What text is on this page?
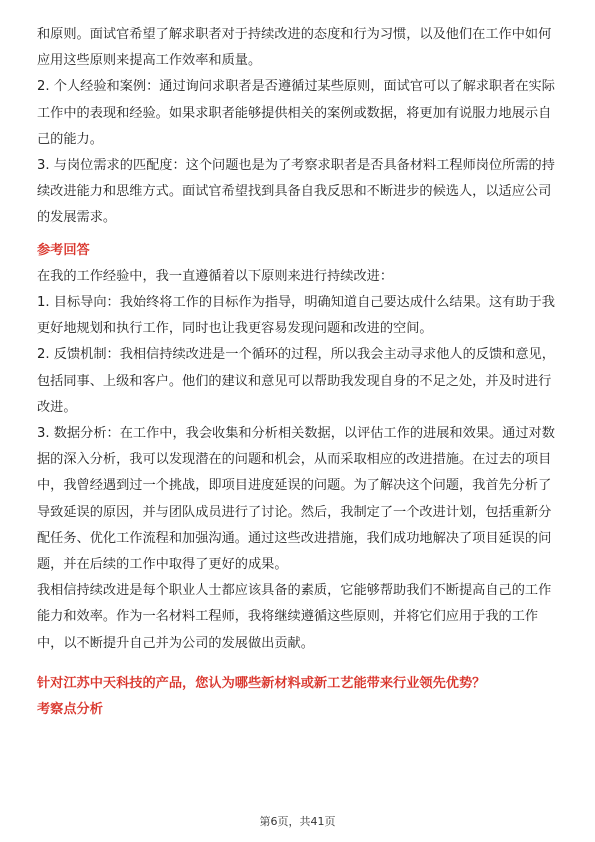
和原则。面试官希望了解求职者对于持续改进的态度和行为习惯，以及他们在工作中如何应用这些原则来提高工作效率和质量。

2. 个人经验和案例：通过询问求职者是否遵循过某些原则，面试官可以了解求职者在实际工作中的表现和经验。如果求职者能够提供相关的案例或数据，将更加有说服力地展示自己的能力。

3. 与岗位需求的匹配度：这个问题也是为了考察求职者是否具备材料工程师岗位所需的持续改进能力和思维方式。面试官希望找到具备自我反思和不断进步的候选人，以适应公司的发展需求。

参考回答

在我的工作经验中，我一直遵循着以下原则来进行持续改进：

1. 目标导向：我始终将工作的目标作为指导，明确知道自己要达成什么结果。这有助于我更好地规划和执行工作，同时也让我更容易发现问题和改进的空间。

2. 反馈机制：我相信持续改进是一个循环的过程，所以我会主动寻求他人的反馈和意见，包括同事、上级和客户。他们的建议和意见可以帮助我发现自身的不足之处，并及时进行改进。

3. 数据分析：在工作中，我会收集和分析相关数据，以评估工作的进展和效果。通过对数据的深入分析，我可以发现潜在的问题和机会，从而采取相应的改进措施。在过去的项目中，我曾经遇到过一个挑战，即项目进度延误的问题。为了解决这个问题，我首先分析了导致延误的原因，并与团队成员进行了讨论。然后，我制定了一个改进计划，包括重新分配任务、优化工作流程和加强沟通。通过这些改进措施，我们成功地解决了项目延误的问题，并在后续的工作中取得了更好的成果。

我相信持续改进是每个职业人士都应该具备的素质，它能够帮助我们不断提高自己的工作能力和效率。作为一名材料工程师，我将继续遵循这些原则，并将它们应用于我的工作中，以不断提升自己并为公司的发展做出贡献。

针对江苏中天科技的产品，您认为哪些新材料或新工艺能带来行业领先优势？

考察点分析

第6页，共41页
